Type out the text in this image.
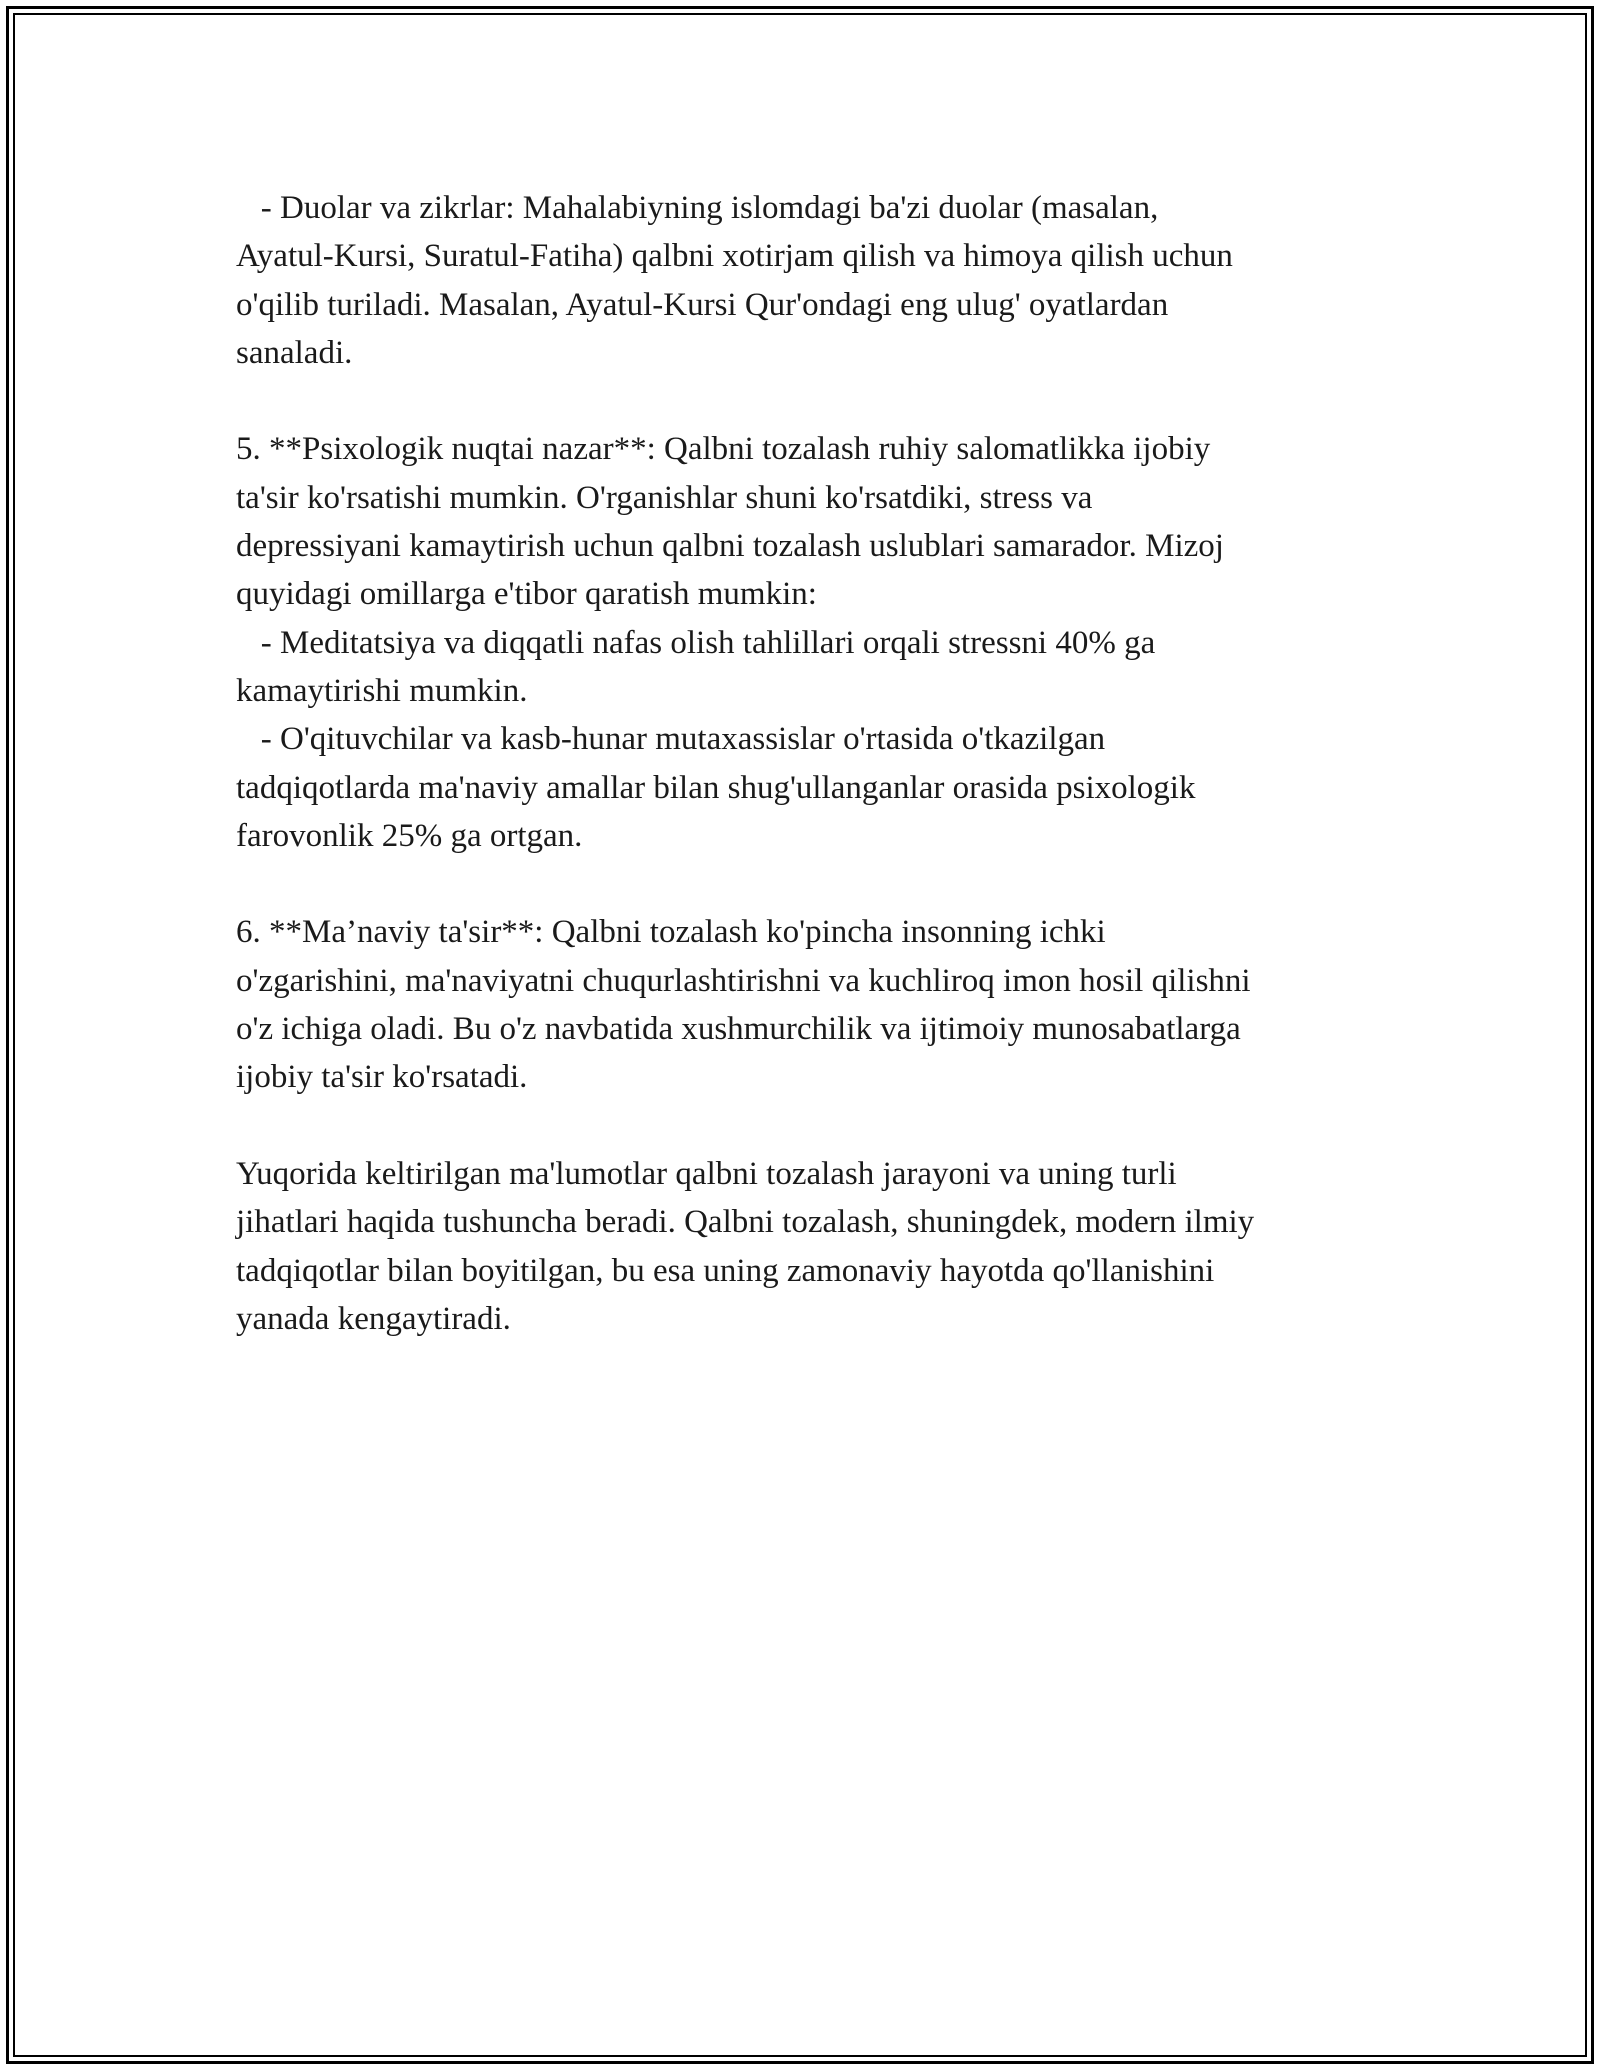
- Duolar va zikrlar: Mahalabiyning islomdagi ba'zi duolar (masalan,
Ayatul-Kursi, Suratul-Fatiha) qalbni xotirjam qilish va himoya qilish uchun
o'qilib turiladi. Masalan, Ayatul-Kursi Qur'ondagi eng ulug' oyatlardan
sanaladi.
5. **Psixologik nuqtai nazar**: Qalbni tozalash ruhiy salomatlikka ijobiy
ta'sir ko'rsatishi mumkin. O'rganishlar shuni ko'rsatdiki, stress va
depressiyani kamaytirish uchun qalbni tozalash uslublari samarador. Mizoj
quyidagi omillarga e'tibor qaratish mumkin:
- Meditatsiya va diqqatli nafas olish tahlillari orqali stressni 40% ga
kamaytirishi mumkin.
- O'qituvchilar va kasb-hunar mutaxassislar o'rtasida o'tkazilgan
tadqiqotlarda ma'naviy amallar bilan shug'ullanganlar orasida psixologik
farovonlik 25% ga ortgan.
6. **Ma’naviy ta'sir**: Qalbni tozalash ko'pincha insonning ichki
o'zgarishini, ma'naviyatni chuqurlashtirishni va kuchliroq imon hosil qilishni
o'z ichiga oladi. Bu o'z navbatida xushmurchilik va ijtimoiy munosabatlarga
ijobiy ta'sir ko'rsatadi.
Yuqorida keltirilgan ma'lumotlar qalbni tozalash jarayoni va uning turli
jihatlari haqida tushuncha beradi. Qalbni tozalash, shuningdek, modern ilmiy
tadqiqotlar bilan boyitilgan, bu esa uning zamonaviy hayotda qo'llanishini
yanada kengaytiradi.
